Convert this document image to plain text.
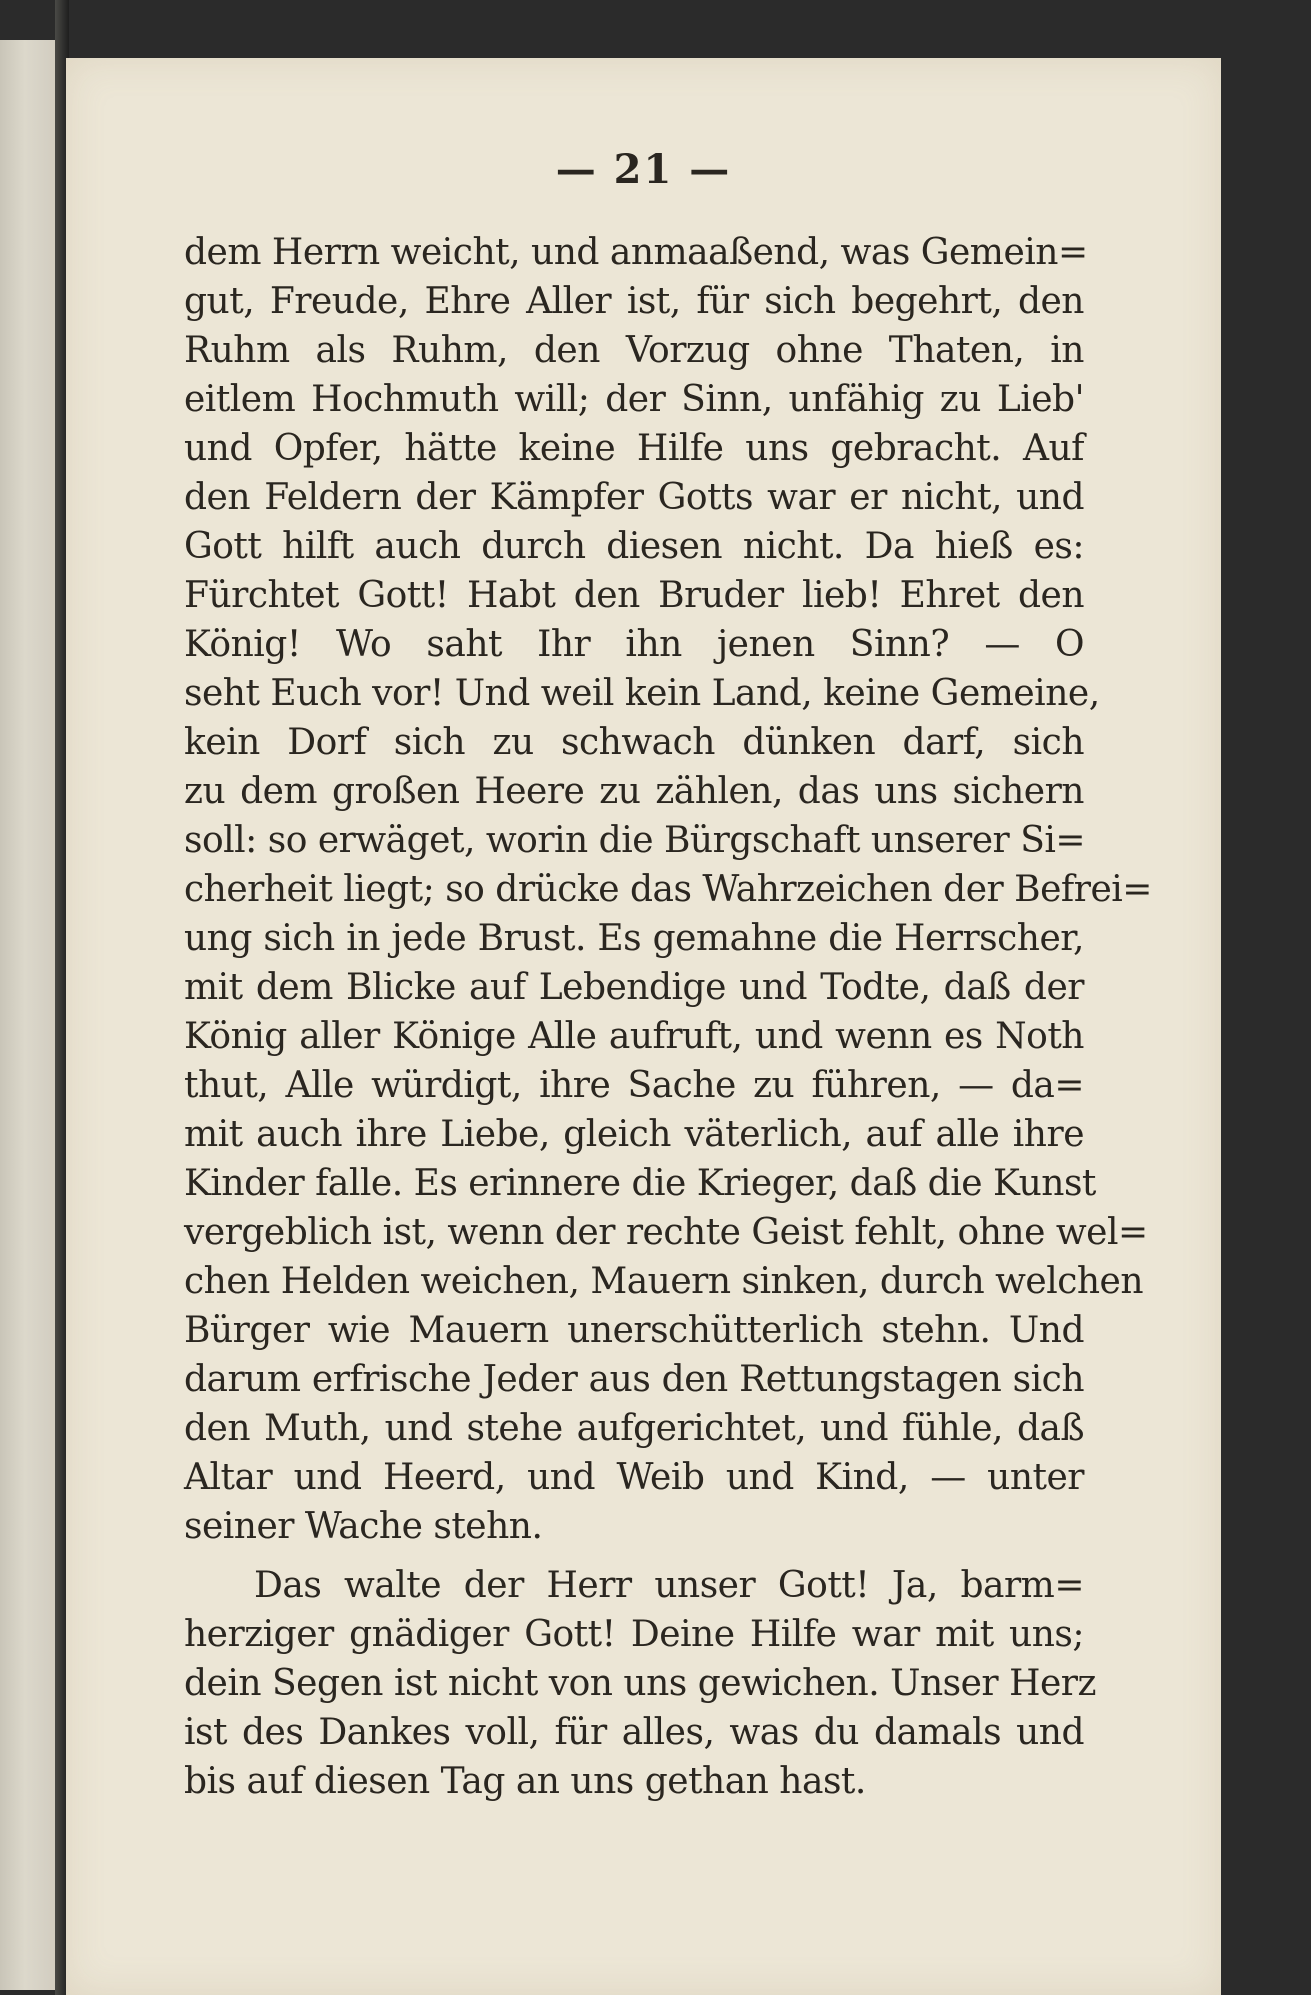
— 21 —
dem Herrn weicht, und anmaaßend, was Gemein=
gut, Freude, Ehre Aller ist, für sich begehrt, den
Ruhm als Ruhm, den Vorzug ohne Thaten, in
eitlem Hochmuth will; der Sinn, unfähig zu Lieb'
und Opfer, hätte keine Hilfe uns gebracht. Auf
den Feldern der Kämpfer Gotts war er nicht, und
Gott hilft auch durch diesen nicht. Da hieß es:
Fürchtet Gott! Habt den Bruder lieb! Ehret den
König! Wo saht Ihr ihn jenen Sinn? — O
seht Euch vor! Und weil kein Land, keine Gemeine,
kein Dorf sich zu schwach dünken darf, sich
zu dem großen Heere zu zählen, das uns sichern
soll: so erwäget, worin die Bürgschaft unserer Si=
cherheit liegt; so drücke das Wahrzeichen der Befrei=
ung sich in jede Brust. Es gemahne die Herrscher,
mit dem Blicke auf Lebendige und Todte, daß der
König aller Könige Alle aufruft, und wenn es Noth
thut, Alle würdigt, ihre Sache zu führen, — da=
mit auch ihre Liebe, gleich väterlich, auf alle ihre
Kinder falle. Es erinnere die Krieger, daß die Kunst
vergeblich ist, wenn der rechte Geist fehlt, ohne wel=
chen Helden weichen, Mauern sinken, durch welchen
Bürger wie Mauern unerschütterlich stehn. Und
darum erfrische Jeder aus den Rettungstagen sich
den Muth, und stehe aufgerichtet, und fühle, daß
Altar und Heerd, und Weib und Kind, — unter
seiner Wache stehn.
Das walte der Herr unser Gott! Ja, barm=
herziger gnädiger Gott! Deine Hilfe war mit uns;
dein Segen ist nicht von uns gewichen. Unser Herz
ist des Dankes voll, für alles, was du damals und
bis auf diesen Tag an uns gethan hast.
